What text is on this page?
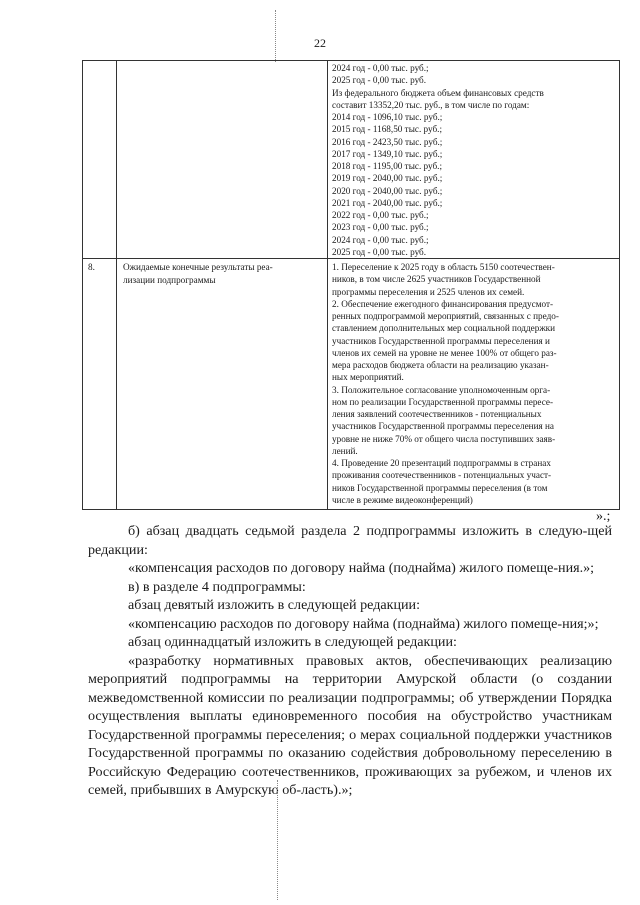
22
2024 год - 0,00 тыс. руб.;
2025 год - 0,00 тыс. руб.
Из федерального бюджета объем финансовых средств
составит 13352,20 тыс. руб., в том числе по годам:
2014 год - 1096,10 тыс. руб.;
2015 год - 1168,50 тыс. руб.;
2016 год - 2423,50 тыс. руб.;
2017 год - 1349,10 тыс. руб.;
2018 год - 1195,00 тыс. руб.;
2019 год - 2040,00 тыс. руб.;
2020 год - 2040,00 тыс. руб.;
2021 год - 2040,00 тыс. руб.;
2022 год - 0,00 тыс. руб.;
2023 год - 0,00 тыс. руб.;
2024 год - 0,00 тыс. руб.;
2025 год - 0,00 тыс. руб.
8.	Ожидаемые конечные результаты реа-
лизации подпрограммы
1. Переселение к 2025 году в область 5150 соотечествен-
ников, в том числе 2625 участников Государственной
программы переселения и 2525 членов их семей.
2. Обеспечение ежегодного финансирования предусмот-
ренных подпрограммой мероприятий, связанных с предо-
ставлением дополнительных мер социальной поддержки
участников Государственной программы переселения и
членов их семей на уровне не менее 100% от общего раз-
мера расходов бюджета области на реализацию указан-
ных мероприятий.
3. Положительное согласование уполномоченным орга-
ном по реализации Государственной программы пересе-
ления заявлений соотечественников - потенциальных
участников Государственной программы переселения на
уровне не ниже 70% от общего числа поступивших заяв-
лений.
4. Проведение 20 презентаций подпрограммы в странах
проживания соотечественников - потенциальных участ-
ников Государственной программы переселения (в том
числе в режиме видеоконференций)
».;

б) абзац двадцать седьмой раздела 2 подпрограммы изложить в следую-щей редакции:

«компенсация расходов по договору найма (поднайма) жилого помеще-ния.»;

в) в разделе 4 подпрограммы:

абзац девятый изложить в следующей редакции:

«компенсацию расходов по договору найма (поднайма) жилого помеще-ния;»;

абзац одиннадцатый изложить в следующей редакции:

«разработку нормативных правовых актов, обеспечивающих реализацию мероприятий подпрограммы на территории Амурской области (о создании межведомственной комиссии по реализации подпрограммы; об утверждении Порядка осуществления выплаты единовременного пособия на обустройство участникам Государственной программы переселения; о мерах социальной поддержки участников Государственной программы по оказанию содействия добровольному переселению в Российскую Федерацию соотечественников, проживающих за рубежом, и членов их семей, прибывших в Амурскую об-ласть).»;
